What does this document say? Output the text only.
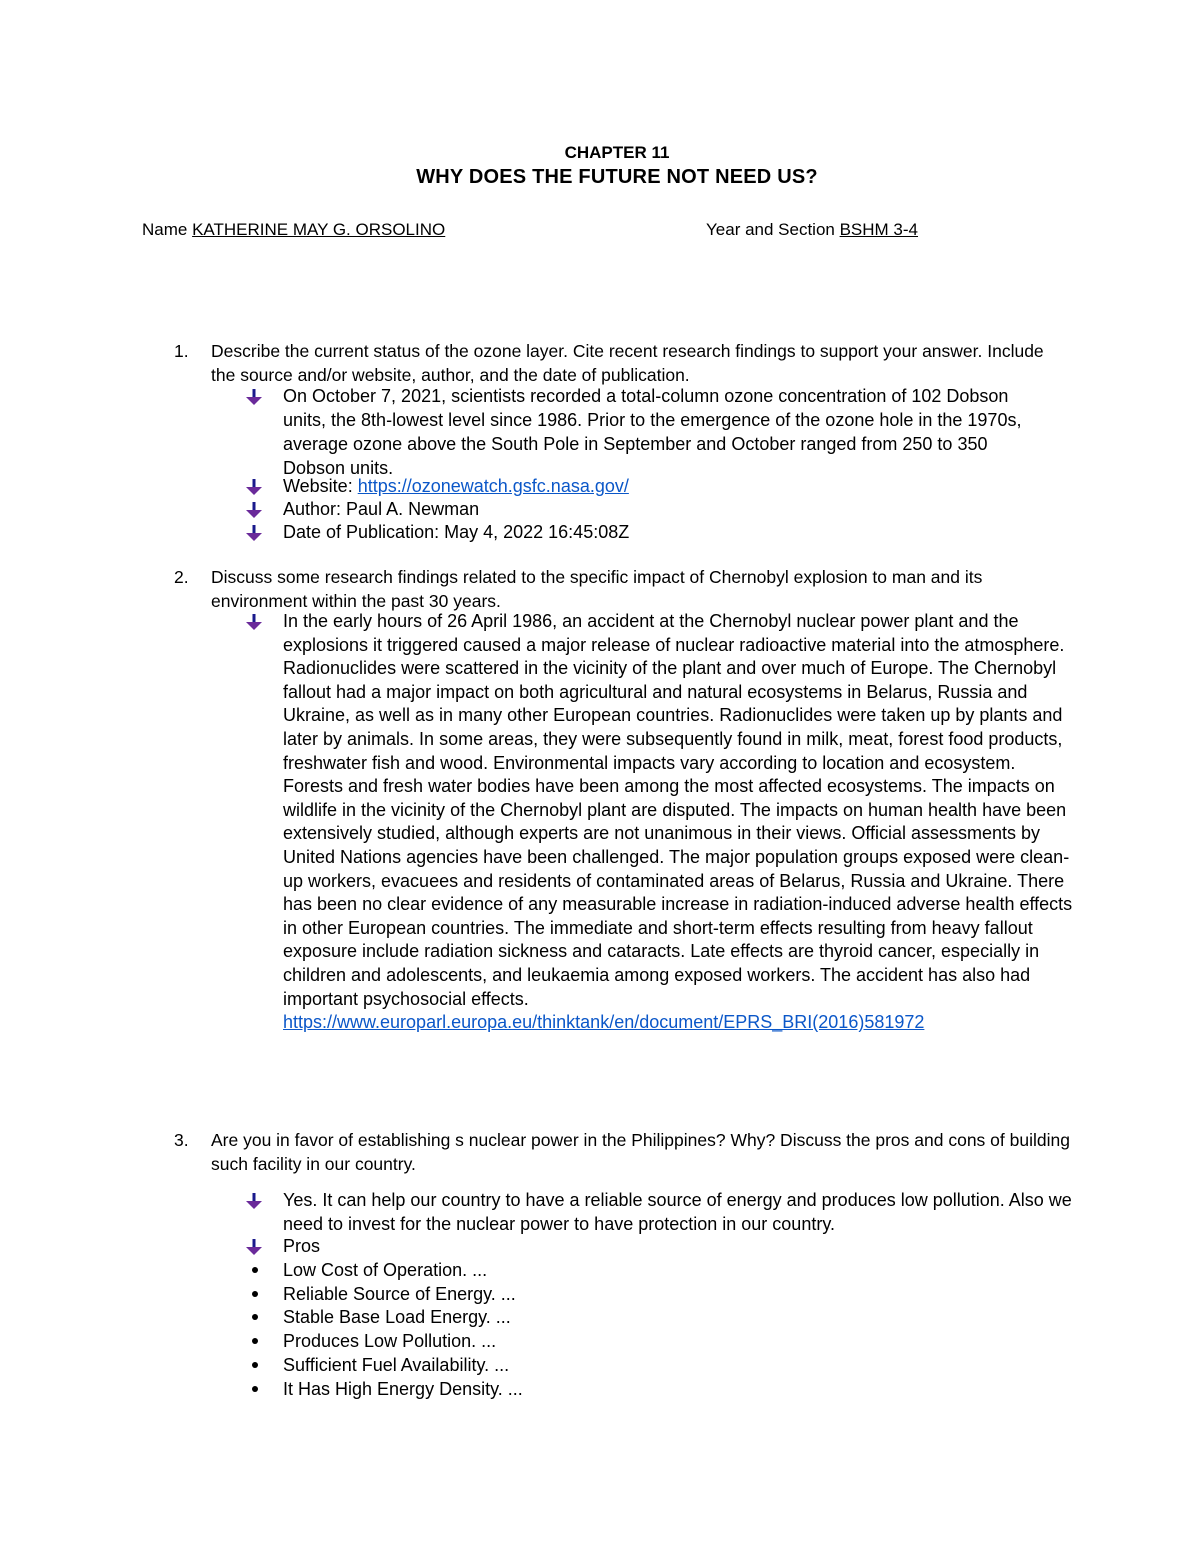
CHAPTER 11
WHY DOES THE FUTURE NOT NEED US?
Name KATHERINE MAY G. ORSOLINO	Year and Section BSHM 3-4
1. Describe the current status of the ozone layer. Cite recent research findings to support your answer. Include the source and/or website, author, and the date of publication.
On October 7, 2021, scientists recorded a total-column ozone concentration of 102 Dobson units, the 8th-lowest level since 1986. Prior to the emergence of the ozone hole in the 1970s, average ozone above the South Pole in September and October ranged from 250 to 350 Dobson units.
Website: https://ozonewatch.gsfc.nasa.gov/
Author: Paul A. Newman
Date of Publication: May 4, 2022 16:45:08Z
2. Discuss some research findings related to the specific impact of Chernobyl explosion to man and its environment within the past 30 years.
In the early hours of 26 April 1986, an accident at the Chernobyl nuclear power plant and the explosions it triggered caused a major release of nuclear radioactive material into the atmosphere. Radionuclides were scattered in the vicinity of the plant and over much of Europe. The Chernobyl fallout had a major impact on both agricultural and natural ecosystems in Belarus, Russia and Ukraine, as well as in many other European countries. Radionuclides were taken up by plants and later by animals. In some areas, they were subsequently found in milk, meat, forest food products, freshwater fish and wood. Environmental impacts vary according to location and ecosystem. Forests and fresh water bodies have been among the most affected ecosystems. The impacts on wildlife in the vicinity of the Chernobyl plant are disputed. The impacts on human health have been extensively studied, although experts are not unanimous in their views. Official assessments by United Nations agencies have been challenged. The major population groups exposed were clean-up workers, evacuees and residents of contaminated areas of Belarus, Russia and Ukraine. There has been no clear evidence of any measurable increase in radiation-induced adverse health effects in other European countries. The immediate and short-term effects resulting from heavy fallout exposure include radiation sickness and cataracts. Late effects are thyroid cancer, especially in children and adolescents, and leukaemia among exposed workers. The accident has also had important psychosocial effects.
https://www.europarl.europa.eu/thinktank/en/document/EPRS_BRI(2016)581972
3. Are you in favor of establishing s nuclear power in the Philippines? Why? Discuss the pros and cons of building such facility in our country.
Yes. It can help our country to have a reliable source of energy and produces low pollution. Also we need to invest for the nuclear power to have protection in our country.
Pros
Low Cost of Operation. ...
Reliable Source of Energy. ...
Stable Base Load Energy. ...
Produces Low Pollution. ...
Sufficient Fuel Availability. ...
It Has High Energy Density. ...
